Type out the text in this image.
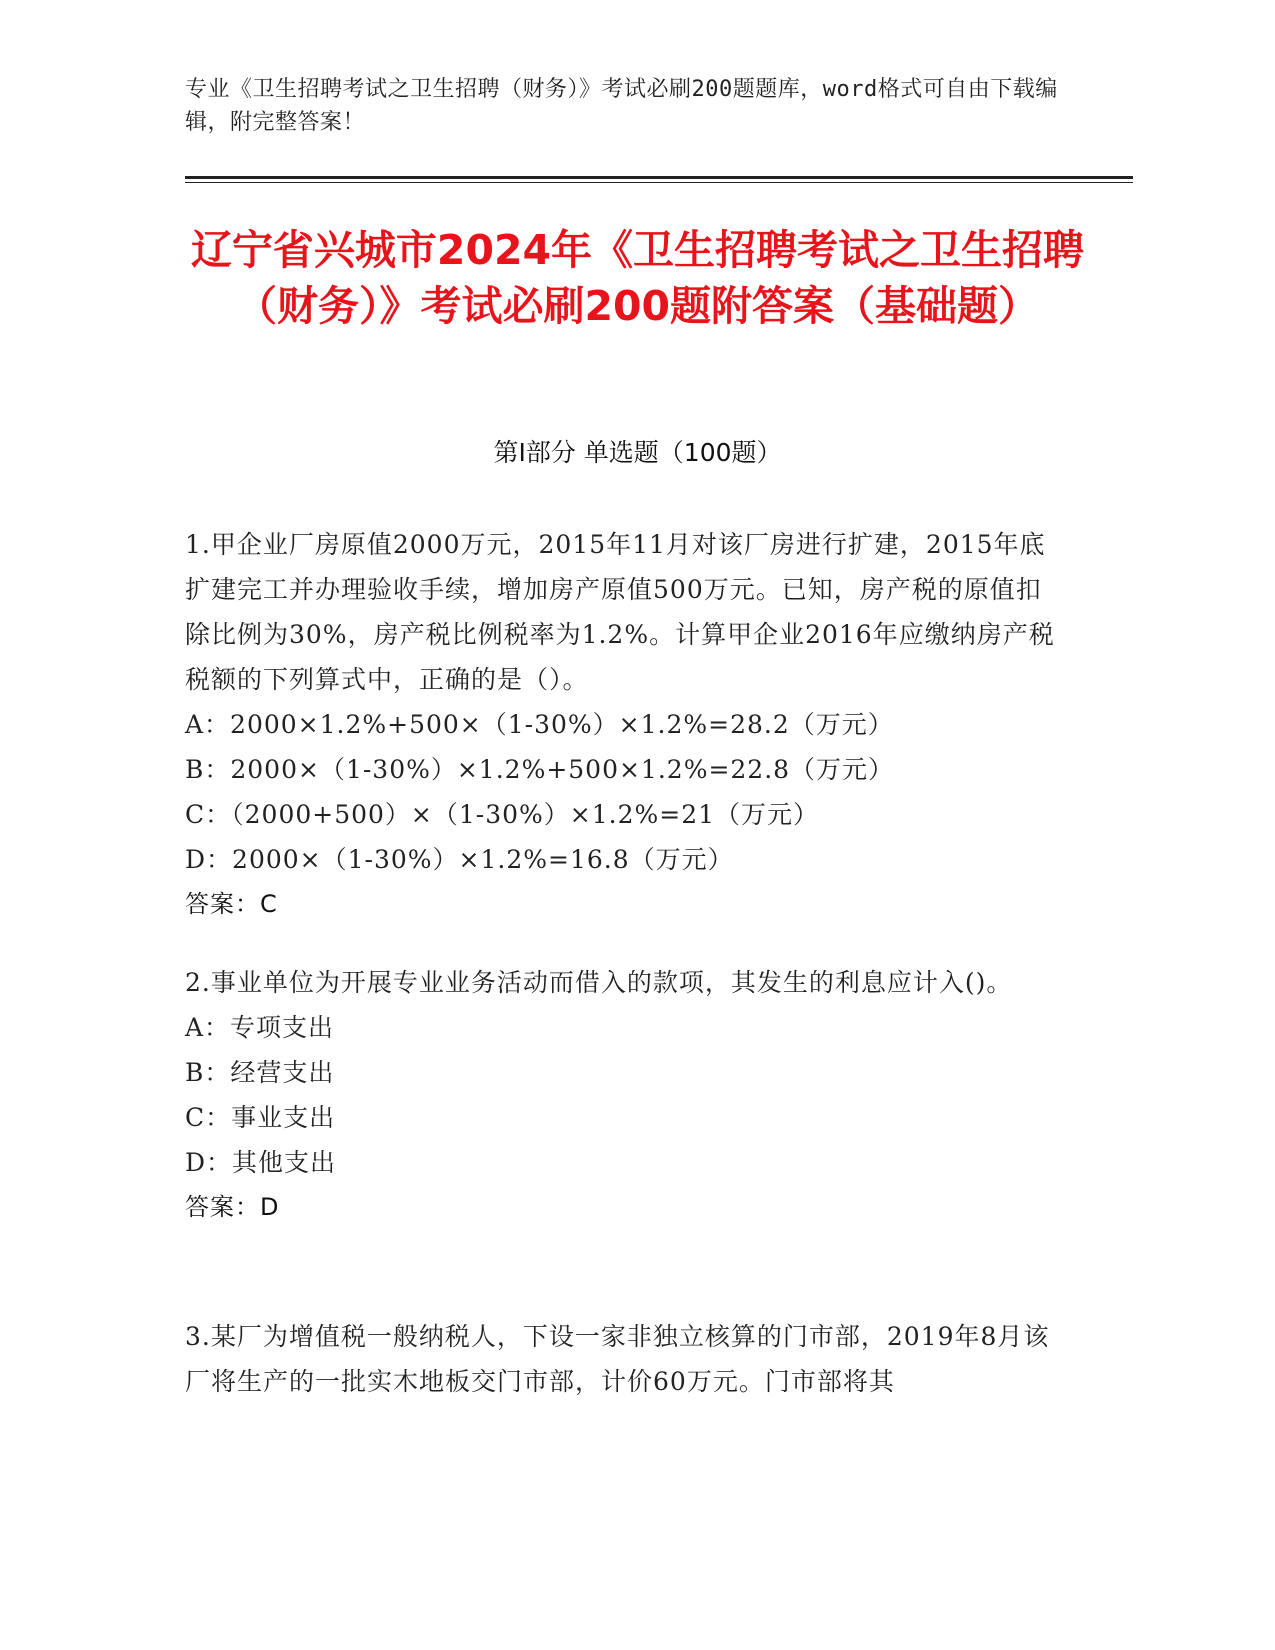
专业《卫生招聘考试之卫生招聘（财务）》考试必刷200题题库，word格式可自由下载编辑，附完整答案！
辽宁省兴城市2024年《卫生招聘考试之卫生招聘（财务）》考试必刷200题附答案（基础题）
第Ⅰ部分 单选题（100题）

1.甲企业厂房原值2000万元，2015年11月对该厂房进行扩建，2015年底扩建完工并办理验收手续，增加房产原值500万元。已知，房产税的原值扣除比例为30%，房产税比例税率为1.2%。计算甲企业2016年应缴纳房产税税额的下列算式中，正确的是（）。

A：2000×1.2%+500×（1-30%）×1.2%=28.2（万元）

B：2000×（1-30%）×1.2%+500×1.2%=22.8（万元）

C：（2000+500）×（1-30%）×1.2%=21（万元）

D：2000×（1-30%）×1.2%=16.8（万元）

答案：C

2.事业单位为开展专业业务活动而借入的款项，其发生的利息应计入()。

A：专项支出

B：经营支出

C：事业支出

D：其他支出

答案：D

3.某厂为增值税一般纳税人，下设一家非独立核算的门市部，2019年8月该厂将生产的一批实木地板交门市部，计价60万元。门市部将其
